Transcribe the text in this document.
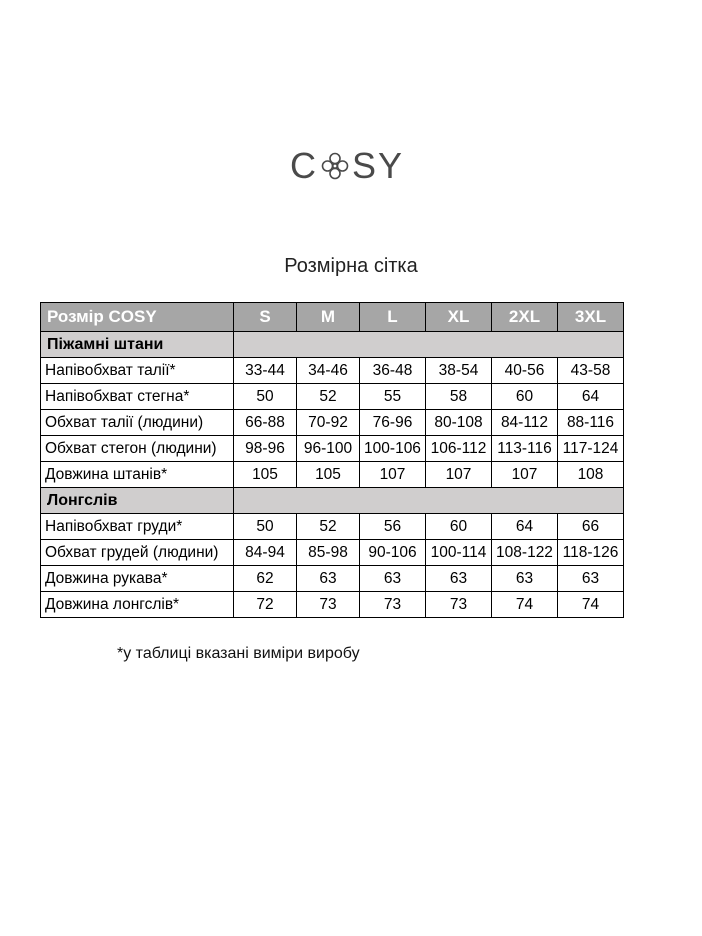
C SY
Розмірна сітка
Розмір COSY	S	M	L	XL	2XL	3XL
Піжамні штани						
Напівобхват талії*	33-44	34-46	36-48	38-54	40-56	43-58
Напівобхват стегна*	50	52	55	58	60	64
Обхват талії (людини)	66-88	70-92	76-96	80-108	84-112	88-116
Обхват стегон (людини)	98-96	96-100	100-106	106-112	113-116	117-124
Довжина штанів*	105	105	107	107	107	108
Лонгслів						
Напівобхват груди*	50	52	56	60	64	66
Обхват грудей (людини)	84-94	85-98	90-106	100-114	108-122	118-126
Довжина рукава*	62	63	63	63	63	63
Довжина лонгслів*	72	73	73	73	74	74
*у таблиці вказані виміри виробу
